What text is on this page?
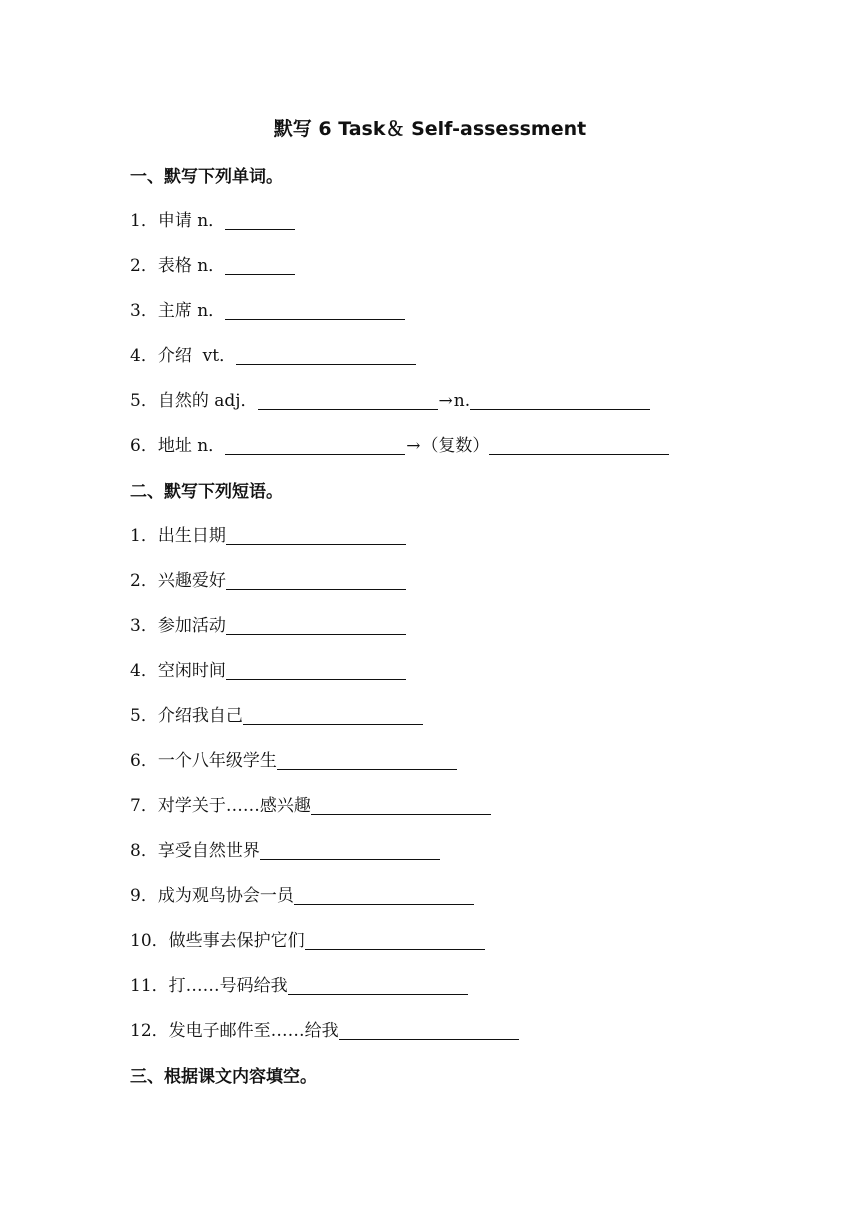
默写 6 Task＆ Self-assessment
一、默写下列单词。
1． 申请 n．
2． 表格 n．
3． 主席 n．
4． 介绍  vt．
5． 自然的 adj．	→ n.
6． 地址 n．	→ （复数）
二、默写下列短语。
1． 出生日期
2． 兴趣爱好
3． 参加活动
4． 空闲时间
5． 介绍我自己
6． 一个八年级学生
7． 对学关于……感兴趣
8． 享受自然世界
9． 成为观鸟协会一员
10． 做些事去保护它们
11． 打……号码给我
12． 发电子邮件至……给我
三、根据课文内容填空。
